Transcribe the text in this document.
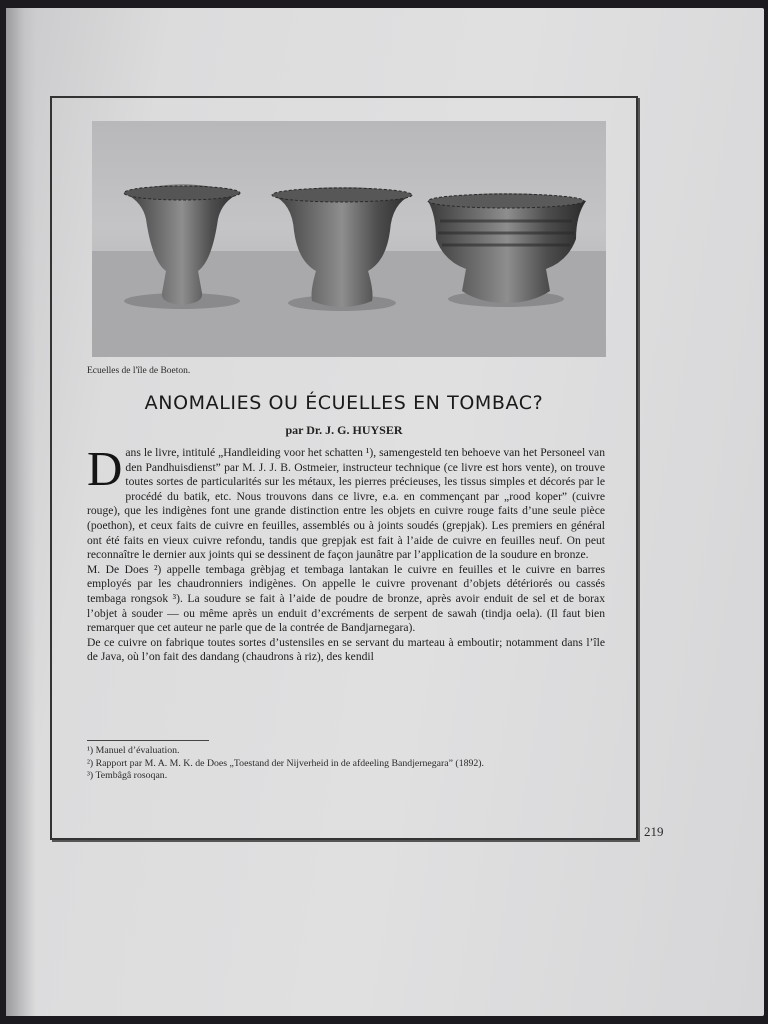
Ecuelles de l'île de Boeton.
ANOMALIES OU ÉCUELLES EN TOMBAC?
par Dr. J. G. HUYSER

Dans le livre, intitulé „Handleiding voor het schatten ¹), samengesteld ten behoeve van het Personeel van den Pandhuisdienst” par M. J. J. B. Ostmeier, instructeur technique (ce livre est hors vente), on trouve toutes sortes de particularités sur les métaux, les pierres précieuses, les tissus simples et décorés par le procédé du batik, etc. Nous trouvons dans ce livre, e.a. en commençant par „rood koper” (cuivre rouge), que les indigènes font une grande distinction entre les objets en cuivre rouge faits d’une seule pièce (poethon), et ceux faits de cuivre en feuilles, assemblés ou à joints soudés (grepjak). Les premiers en général ont été faits en vieux cuivre refondu, tandis que grepjak est fait à l’aide de cuivre en feuilles neuf. On peut reconnaître le dernier aux joints qui se dessinent de façon jaunâtre par l’application de la soudure en bronze.

M. De Does ²) appelle tembaga grèbjag et tembaga lantakan le cuivre en feuilles et le cuivre en barres employés par les chaudronniers indigènes. On appelle le cuivre provenant d’objets détériorés ou cassés tembaga rongsok ³). La soudure se fait à l’aide de poudre de bronze, après avoir enduit de sel et de borax l’objet à souder — ou même après un enduit d’excréments de serpent de sawah (tindja oela). (Il faut bien remarquer que cet auteur ne parle que de la contrée de Bandjarnegara).

De ce cuivre on fabrique toutes sortes d’ustensiles en se servant du marteau à emboutir; notamment dans l’île de Java, où l’on fait des dandang (chaudrons à riz), des kendil

¹) Manuel d’évaluation.
²) Rapport par M. A. M. K. de Does „Toestand der Nijverheid in de afdeeling Bandjernegara” (1892).
³) Tembâgâ rosoqan.
219
